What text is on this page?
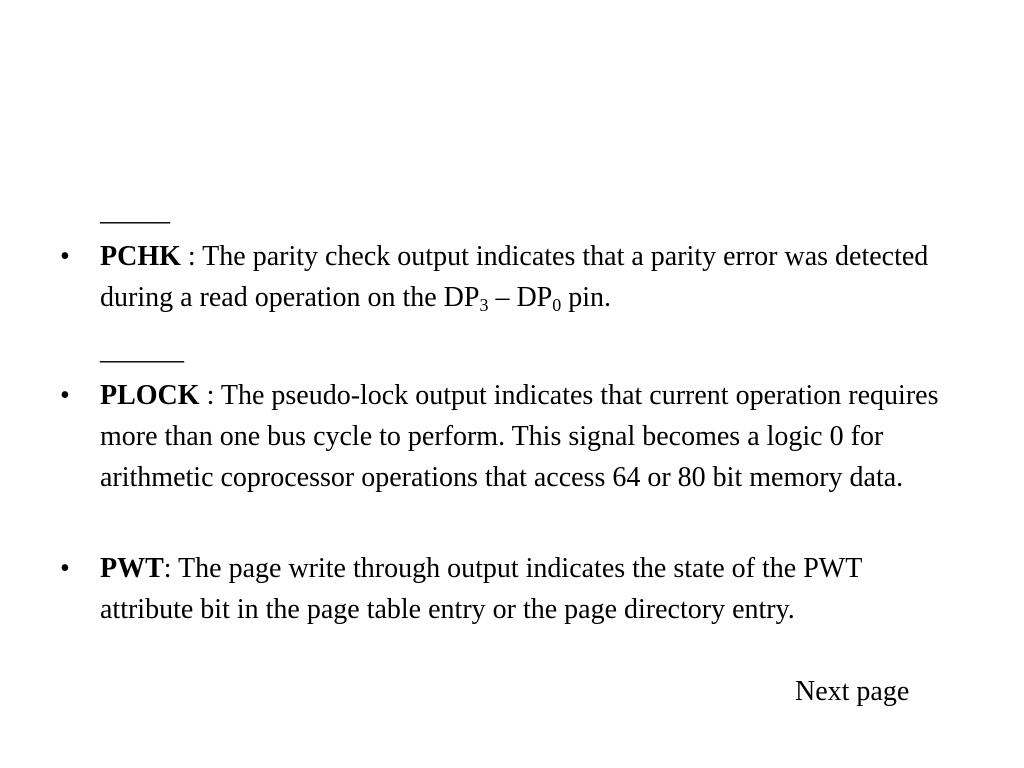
_____
•	PCHK : The parity check output indicates that a parity error was detected during a read operation on the $DP_3 - DP_0$ pin.
______
•	PLOCK : The pseudo-lock output indicates that current operation requires more than one bus cycle to perform. This signal becomes a logic 0 for arithmetic coprocessor operations that access 64 or 80 bit memory data.
•	PWT: The page write through output indicates the state of the PWT attribute bit in the page table entry or the page directory entry.
Next page
